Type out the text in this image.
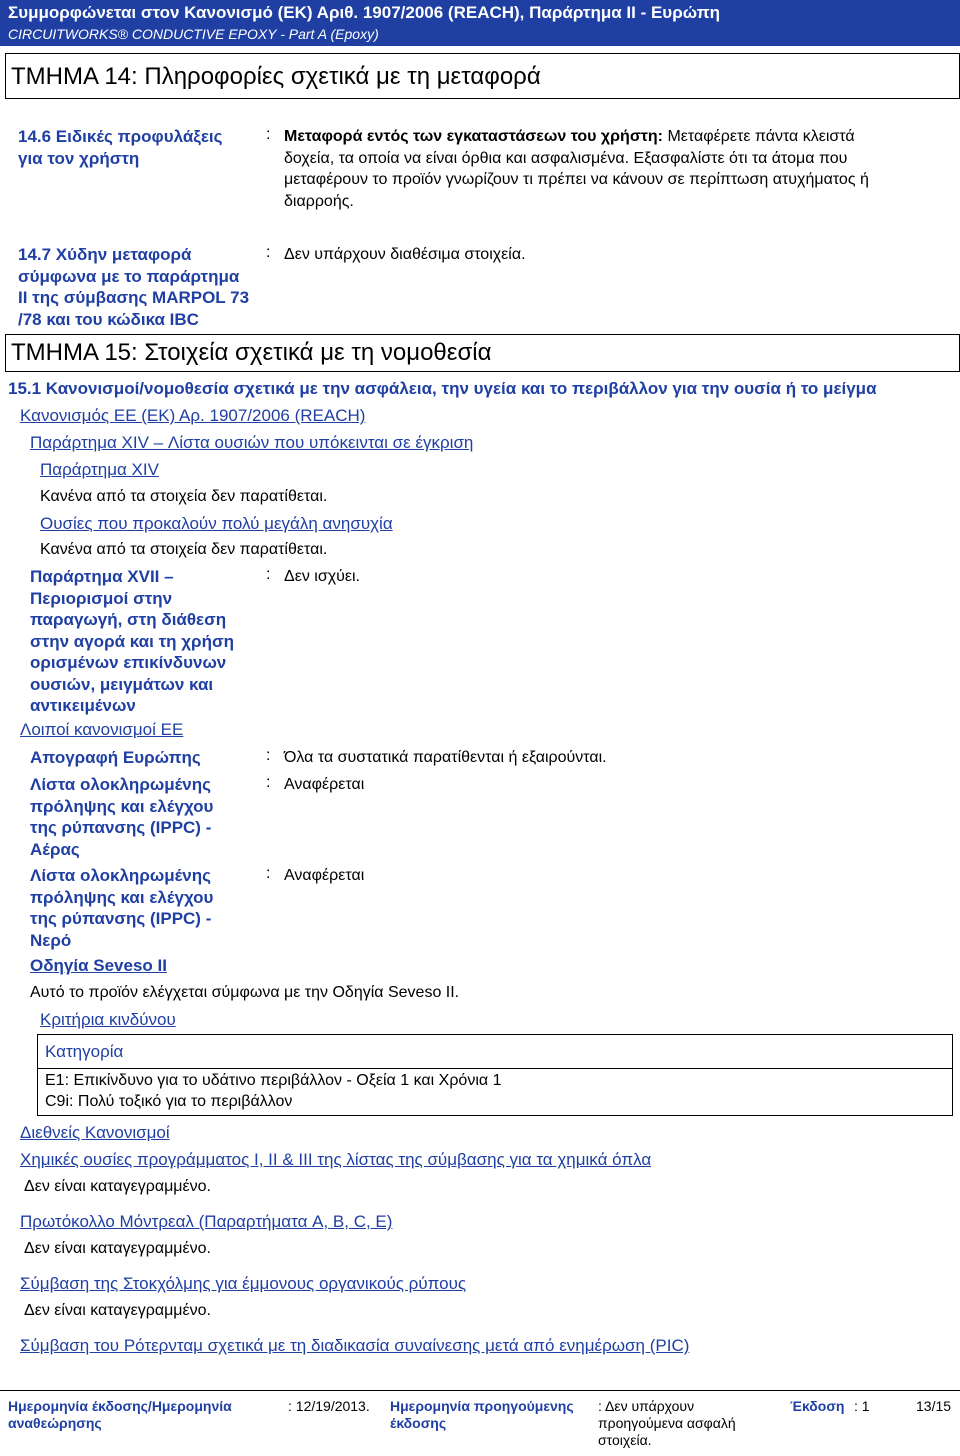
Συμμορφώνεται στον Κανονισμό (ΕΚ) Αριθ. 1907/2006 (REACH), Παράρτημα II - Ευρώπη
CIRCUITWORKS® CONDUCTIVE EPOXY - Part A (Epoxy)
ΤΜΗΜΑ 14: Πληροφορίες σχετικά με τη μεταφορά
14.6 Ειδικές προφυλάξεις
για τον χρήστη
: Μεταφορά εντός των εγκαταστάσεων του χρήστη: Μεταφέρετε πάντα κλειστά
δοχεία, τα οποία να είναι όρθια και ασφαλισμένα. Εξασφαλίστε ότι τα άτομα που
μεταφέρουν το προϊόν γνωρίζουν τι πρέπει να κάνουν σε περίπτωση ατυχήματος ή
διαρροής.
14.7 Χύδην μεταφορά
σύμφωνα με το παράρτημα
II της σύμβασης MARPOL 73
/78 και του κώδικα IBC
: Δεν υπάρχουν διαθέσιμα στοιχεία.
ΤΜΗΜΑ 15: Στοιχεία σχετικά με τη νομοθεσία
15.1 Κανονισμοί/νομοθεσία σχετικά με την ασφάλεια, την υγεία και το περιβάλλον για την ουσία ή το μείγμα
Κανονισμός ΕΕ (ΕΚ) Αρ. 1907/2006 (REACH)
Παράρτημα XIV – Λίστα ουσιών που υπόκεινται σε έγκριση
Παράρτημα XIV
Κανένα από τα στοιχεία δεν παρατίθεται.
Ουσίες που προκαλούν πολύ μεγάλη ανησυχία
Κανένα από τα στοιχεία δεν παρατίθεται.
Παράρτημα XVII –
Περιορισμοί στην
παραγωγή, στη διάθεση
στην αγορά και τη χρήση
ορισμένων επικίνδυνων
ουσιών, μειγμάτων και
αντικειμένων
: Δεν ισχύει.
Λοιποί κανονισμοί ΕΕ
Απογραφή Ευρώπης	: Όλα τα συστατικά παρατίθενται ή εξαιρούνται.
Λίστα ολοκληρωμένης
πρόληψης και ελέγχου
της ρύπανσης (IPPC) -
Αέρας
: Αναφέρεται
Λίστα ολοκληρωμένης
πρόληψης και ελέγχου
της ρύπανσης (IPPC) -
Νερό
: Αναφέρεται
Οδηγία Seveso II
Αυτό το προϊόν ελέγχεται σύμφωνα με την Οδηγία Seveso II.
Κριτήρια κινδύνου
Κατηγορία
E1: Επικίνδυνο για το υδάτινο περιβάλλον - Οξεία 1 και Χρόνια 1
C9i: Πολύ τοξικό για το περιβάλλον
Διεθνείς Κανονισμοί
Χημικές ουσίες προγράμματος I, II & III της λίστας της σύμβασης για τα χημικά όπλα
Δεν είναι καταγεγραμμένο.
Πρωτόκολλο Μόντρεαλ (Παραρτήματα A, B, C, E)
Δεν είναι καταγεγραμμένο.
Σύμβαση της Στοκχόλμης για έμμονους οργανικούς ρύπους
Δεν είναι καταγεγραμμένο.
Σύμβαση του Ρότερνταμ σχετικά με τη διαδικασία συναίνεσης μετά από ενημέρωση (PIC)
Ημερομηνία έκδοσης/Ημερομηνία
αναθεώρησης
: 12/19/2013. Ημερομηνία προηγούμενης
έκδοσης
: Δεν υπάρχουν
προηγούμενα ασφαλή
στοιχεία.
Έκδοση : 1	13/15
